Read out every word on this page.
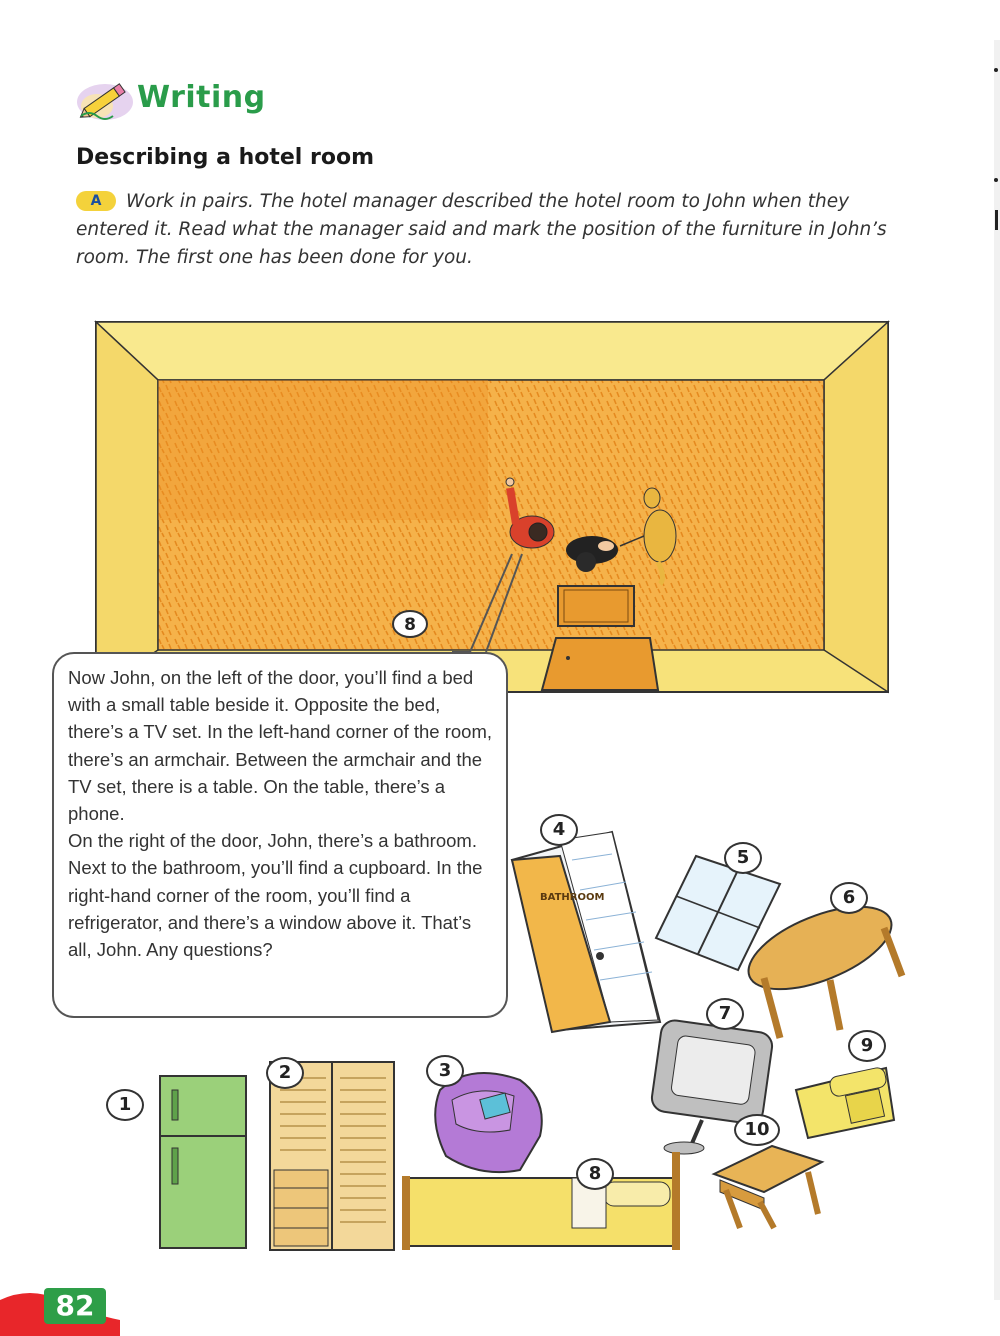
Writing
Describing a hotel room
A Work in pairs. The hotel manager described the hotel room to John when they entered it. Read what the manager said and mark the position of the furniture in John’s room. The first one has been done for you.
8

Now John, on the left of the door, you’ll find a bed with a small table beside it. Opposite the bed, there’s a TV set. In the left-hand corner of the room, there’s an armchair. Between the armchair and the TV set, there is a table. On the table, there’s a phone.

On the right of the door, John, there’s a bathroom. Next to the bathroom, you’ll find a cupboard. In the right-hand corner of the room, you’ll find a refrigerator, and there’s a window above it. That’s all, John. Any questions?

BATHROOM
1
2	3
4
5
6
7
8
9
10
82
